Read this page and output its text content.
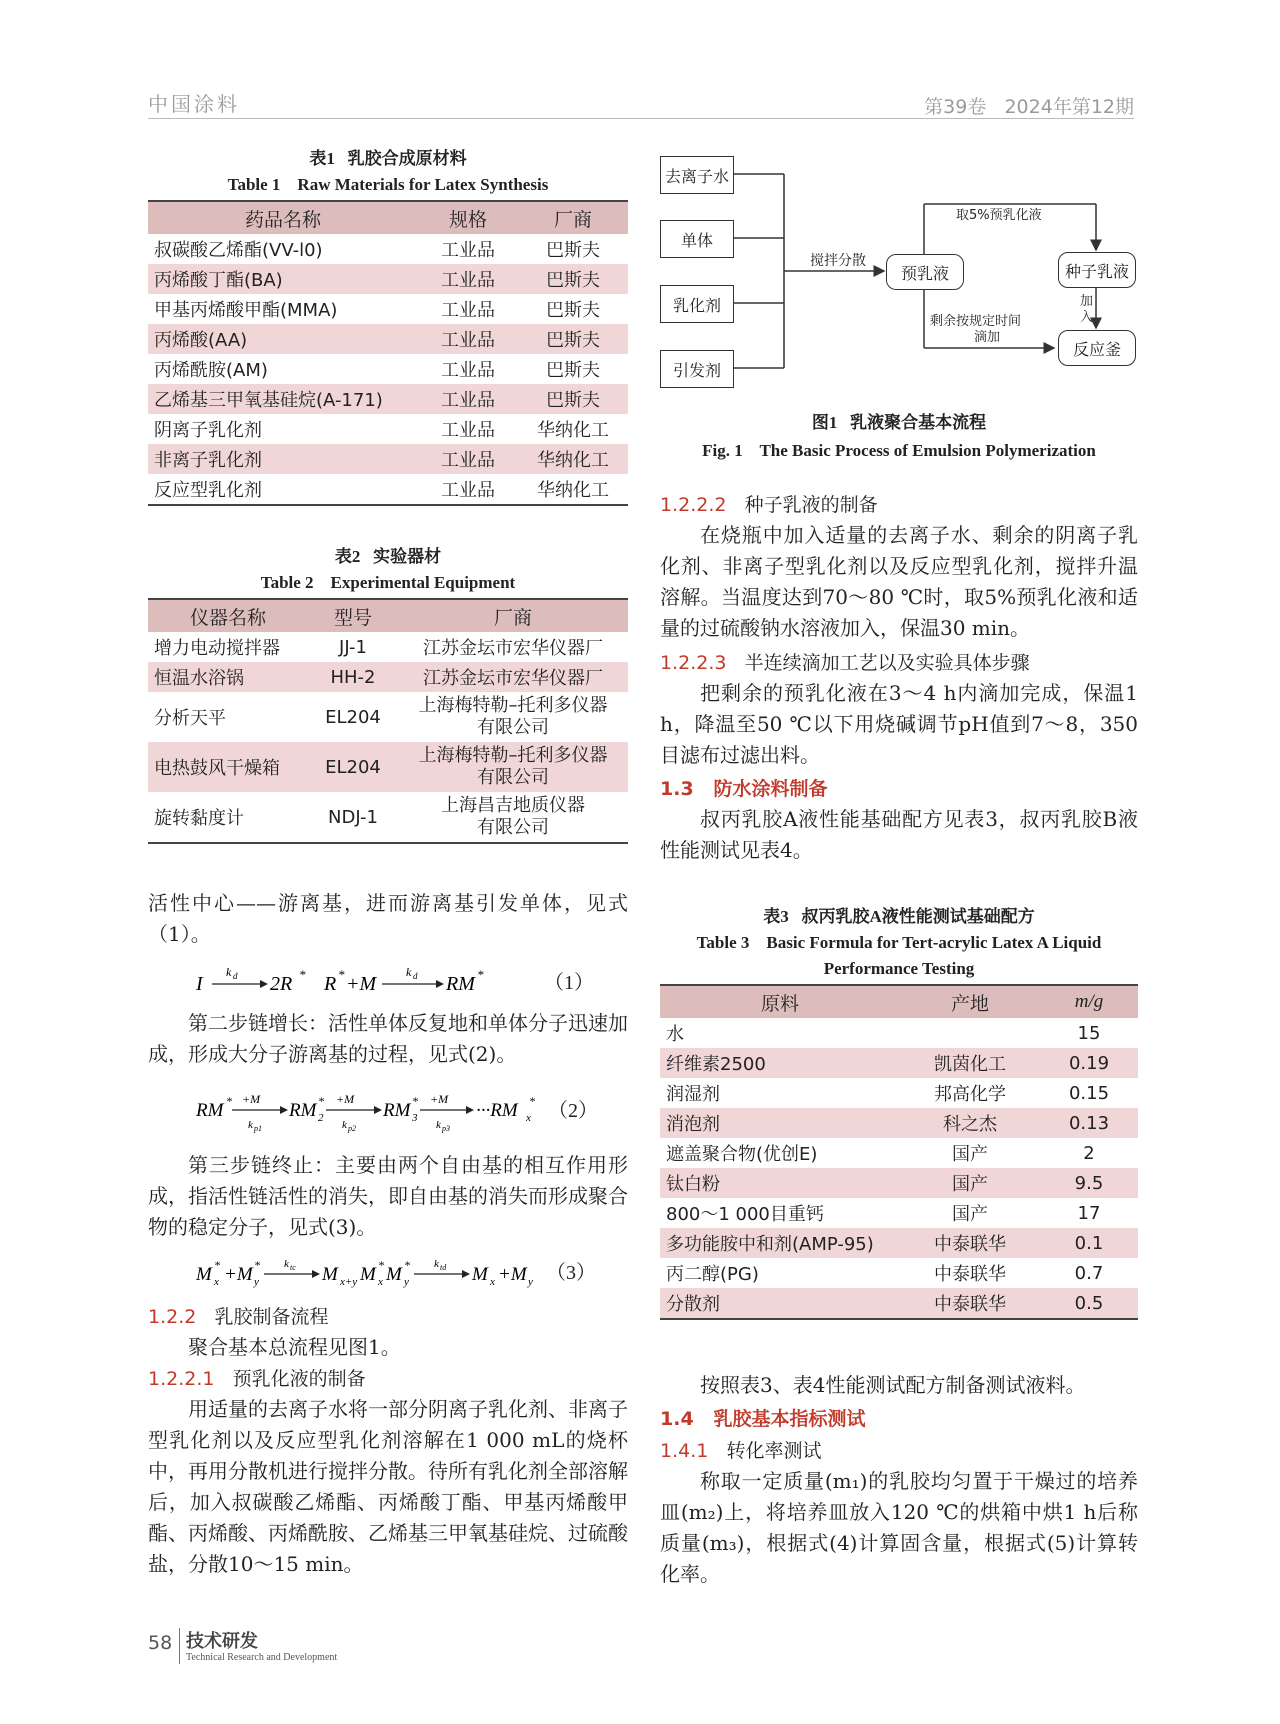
中国涂料	第39卷   2024年第12期
表1   乳胶合成原材料
Table 1    Raw Materials for Latex Synthesis
药品名称	规格	厂商
叔碳酸乙烯酯(VV-l0)	工业品	巴斯夫
丙烯酸丁酯(BA)	工业品	巴斯夫
甲基丙烯酸甲酯(MMA)	工业品	巴斯夫
丙烯酸(AA)	工业品	巴斯夫
丙烯酰胺(AM)	工业品	巴斯夫
乙烯基三甲氧基硅烷(A-171)	工业品	巴斯夫
阴离子乳化剂	工业品	华纳化工
非离子乳化剂	工业品	华纳化工
反应型乳化剂	工业品	华纳化工
表2   实验器材
Table 2    Experimental Equipment
仪器名称	型号	厂商
增力电动搅拌器	JJ-1	江苏金坛市宏华仪器厂
恒温水浴锅	HH-2	江苏金坛市宏华仪器厂
分析天平	EL204	上海梅特勒–托利多仪器
有限公司

电热鼓风干燥箱	EL204	上海梅特勒–托利多仪器
有限公司

旋转黏度计	NDJ-1	上海昌吉地质仪器
有限公司
活性中心——游离基，进而游离基引发单体，见式（1）。
I
k d 2R * R * +M
k d RM *	（1）
第二步链增长：活性单体反复地和单体分子迅速加成，形成大分子游离基的过程，见式(2)。
RM * +M
k p1
RM 2
* +M
k p2
RM 3
* +M
k p3
···RM x
* （2）
第三步链终止：主要由两个自由基的相互作用形成，指活性链活性的消失，即自由基的消失而形成聚合物的稳定分子，见式(3)。
M x
* +M y
* k tc M x+y M x
* M y
* k td M x +M y （3）
1.2.2 乳胶制备流程
聚合基本总流程见图1。
1.2.2.1 预乳化液的制备
用适量的去离子水将一部分阴离子乳化剂、非离子型乳化剂以及反应型乳化剂溶解在1 000 mL的烧杯中，再用分散机进行搅拌分散。待所有乳化剂全部溶解后，加入叔碳酸乙烯酯、丙烯酸丁酯、甲基丙烯酸甲酯、丙烯酸、丙烯酰胺、乙烯基三甲氧基硅烷、过硫酸盐，分散10～15 min。
去离子水
单体
乳化剂
引发剂
预乳液	种子乳液
反应釜
搅拌分散
取5%预乳化液
剩余按规定时间
滴加
加
入
图1   乳液聚合基本流程
Fig. 1    The Basic Process of Emulsion Polymerization
1.2.2.2 种子乳液的制备
在烧瓶中加入适量的去离子水、剩余的阴离子乳化剂、非离子型乳化剂以及反应型乳化剂，搅拌升温溶解。当温度达到70～80 ℃时，取5%预乳化液和适量的过硫酸钠水溶液加入，保温30 min。
1.2.2.3 半连续滴加工艺以及实验具体步骤
把剩余的预乳化液在3～4 h内滴加完成，保温1 h，降温至50 ℃以下用烧碱调节pH值到7～8，350目滤布过滤出料。
1.3 防水涂料制备
叔丙乳胶A液性能基础配方见表3，叔丙乳胶B液性能测试见表4。
表3   叔丙乳胶A液性能测试基础配方
Table 3    Basic Formula for Tert-acrylic Latex A Liquid
Performance Testing
原料	产地	m/g
水		15
纤维素2500	凯茵化工	0.19
润湿剂	邦高化学	0.15
消泡剂	科之杰	0.13
遮盖聚合物(优创E)	国产	2
钛白粉	国产	9.5
800～1 000目重钙	国产	17
多功能胺中和剂(AMP-95)	中泰联华	0.1
丙二醇(PG)	中泰联华	0.7
分散剂	中泰联华	0.5
按照表3、表4性能测试配方制备测试液料。
1.4 乳胶基本指标测试
1.4.1 转化率测试
称取一定质量(m₁)的乳胶均匀置于干燥过的培养皿(m₂)上，将培养皿放入120 ℃的烘箱中烘1 h后称质量(m₃)，根据式(4)计算固含量，根据式(5)计算转化率。
58 技术研发
Technical Research and Development
